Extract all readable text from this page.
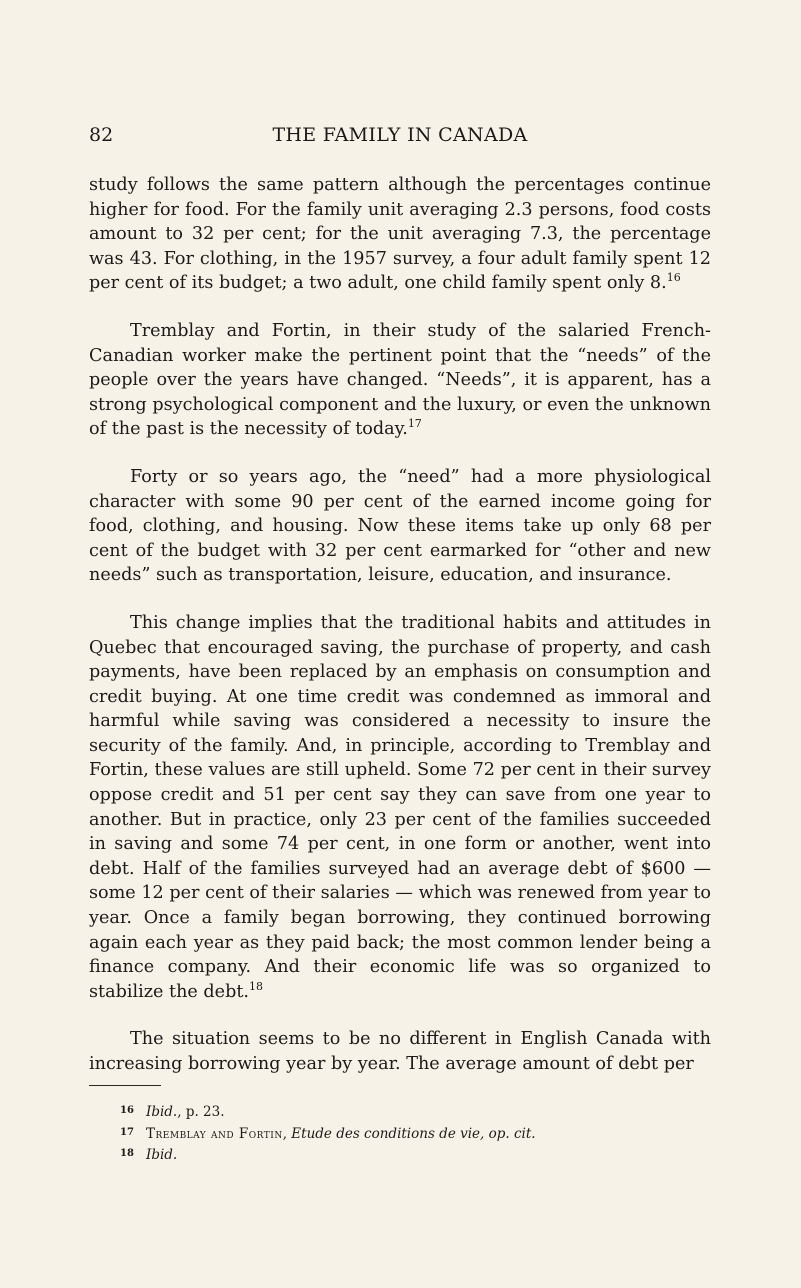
82	THE FAMILY IN CANADA

study follows the same pattern although the percentages continue higher for food. For the family unit averaging 2.3 persons, food costs amount to 32 per cent; for the unit averaging 7.3, the percentage was 43. For clothing, in the 1957 survey, a four adult family spent 12 per cent of its budget; a two adult, one child family spent only 8.16

Tremblay and Fortin, in their study of the salaried French-Canadian worker make the pertinent point that the “needs” of the people over the years have changed. “Needs”, it is apparent, has a strong psychological component and the luxury, or even the unknown of the past is the necessity of today.$^{17}$

Forty or so years ago, the “need” had a more physiological character with some 90 per cent of the earned income going for food, clothing, and housing. Now these items take up only 68 per cent of the budget with 32 per cent earmarked for “other and new needs” such as transportation, leisure, education, and insurance.

This change implies that the traditional habits and attitudes in Quebec that encouraged saving, the purchase of property, and cash payments, have been replaced by an emphasis on consumption and credit buying. At one time credit was condemned as immoral and harmful while saving was considered a necessity to insure the security of the family. And, in principle, according to Tremblay and Fortin, these values are still upheld. Some 72 per cent in their survey oppose credit and 51 per cent say they can save from one year to another. But in practice, only 23 per cent of the families succeeded in saving and some 74 per cent, in one form or another, went into debt. Half of the families surveyed had an average debt of $600 — some 12 per cent of their salaries — which was renewed from year to year. Once a family began borrowing, they continued borrowing again each year as they paid back; the most common lender being a finance company. And their economic life was so organized to stabilize the debt.$^{18}$

The situation seems to be no different in English Canada with increasing borrowing year by year. The average amount of debt per

16 Ibid., p. 23.
17 Tremblay and Fortin, Etude des conditions de vie, op. cit.
18 Ibid.
